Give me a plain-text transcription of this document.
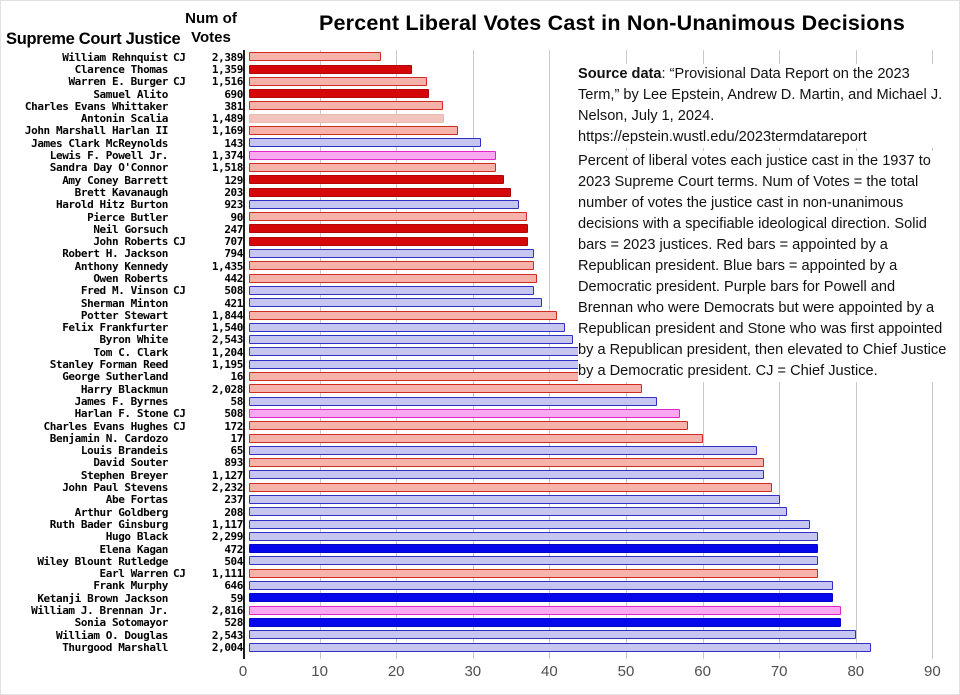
Percent Liberal Votes Cast in Non-Unanimous Decisions
Supreme Court Justice
Num of
Votes
William Rehnquist CJ	2,389
Clarence Thomas	1,359
Warren E. Burger CJ	1,516
Samuel Alito	690
Charles Evans Whittaker	381
Antonin Scalia	1,489
John Marshall Harlan II	1,169
James Clark McReynolds	143
Lewis F. Powell Jr.	1,374
Sandra Day O'Connor	1,518
Amy Coney Barrett	129
Brett Kavanaugh	203
Harold Hitz Burton	923
Pierce Butler	90
Neil Gorsuch	247
John Roberts CJ	707
Robert H. Jackson	794
Anthony Kennedy	1,435
Owen Roberts	442
Fred M. Vinson CJ	508
Sherman Minton	421
Potter Stewart	1,844
Felix Frankfurter	1,540
Byron White	2,543
Tom C. Clark	1,204
Stanley Forman Reed	1,195
George Sutherland	16
Harry Blackmun	2,028
James F. Byrnes	58
Harlan F. Stone CJ	508
Charles Evans Hughes CJ	172
Benjamin N. Cardozo	17
Louis Brandeis	65
David Souter	893
Stephen Breyer	1,127
John Paul Stevens	2,232
Abe Fortas	237
Arthur Goldberg	208
Ruth Bader Ginsburg	1,117
Hugo Black	2,299
Elena Kagan	472
Wiley Blount Rutledge	504
Earl Warren CJ	1,111
Frank Murphy	646
Ketanji Brown Jackson	59
William J. Brennan Jr.	2,816
Sonia Sotomayor	528
William O. Douglas	2,543
Thurgood Marshall	2,004
0	10	20	30	40	50	60	70	80	90
Source data: “Provisional Data Report on the 2023 Term,” by Lee Epstein, Andrew D. Martin, and Michael J. Nelson, July 1, 2024. https://epstein.wustl.edu/2023termdatareport
Percent of liberal votes each justice cast in the 1937 to 2023 Supreme Court terms. Num of Votes = the total number of votes the justice cast in non-unanimous decisions with a specifiable ideological direction. Solid bars = 2023 justices. Red bars = appointed by a Republican president. Blue bars = appointed by a Democratic president. Purple bars for Powell and Brennan who were Democrats but were appointed by a Republican president and Stone who was first appointed by a Republican president, then elevated to Chief Justice by a Democratic president. CJ = Chief Justice.
